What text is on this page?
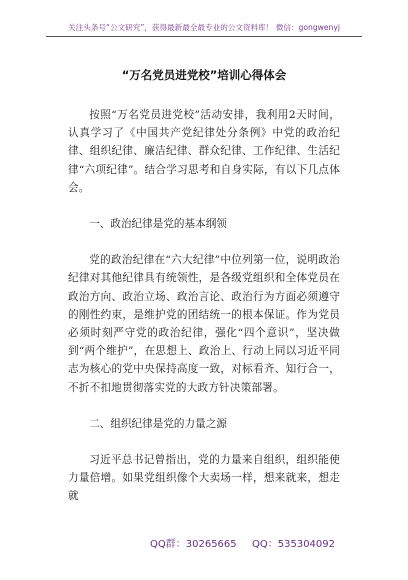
关注头条号“公文研究”，获得最新最全最专业的公文资料库！ 微信：gongwenyj
“万名党员进党校”培训心得体会

按照“万名党员进党校”活动安排，我利用2天时间，认真学习了《中国共产党纪律处分条例》中党的政治纪律、组织纪律、廉洁纪律、群众纪律、工作纪律、生活纪律“六项纪律”。结合学习思考和自身实际，有以下几点体会。

一、政治纪律是党的基本纲领

党的政治纪律在“六大纪律”中位列第一位，说明政治纪律对其他纪律具有统领性，是各级党组织和全体党员在政治方向、政治立场、政治言论、政治行为方面必须遵守的刚性约束，是维护党的团结统一的根本保证。作为党员必须时刻严守党的政治纪律，强化“四个意识”，坚决做到“两个维护”，在思想上、政治上、行动上同以习近平同志为核心的党中央保持高度一致，对标看齐、知行合一，不折不扣地贯彻落实党的大政方针决策部署。

二、组织纪律是党的力量之源

习近平总书记曾指出，党的力量来自组织，组织能使力量倍增。如果党组织像个大卖场一样，想来就来，想走就

QQ群：30265665 QQ：535304092
